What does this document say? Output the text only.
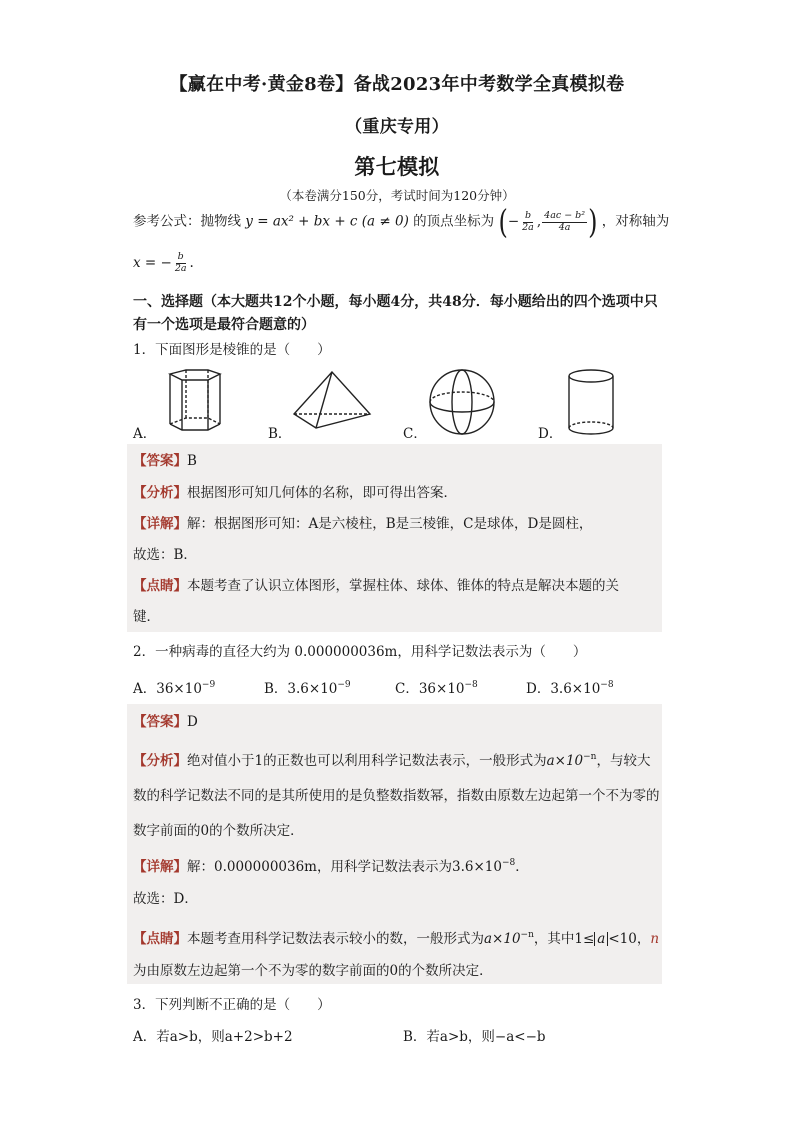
【赢在中考·黄金8卷】备战2023年中考数学全真模拟卷
（重庆专用）
第七模拟
（本卷满分150分，考试时间为120分钟）
参考公式：抛物线 y = ax² + bx + c (a ≠ 0) 的顶点坐标为 (− $\frac{b}{2a}$ , $\frac{\text{4ac − b²}}{4a}$ ) ，对称轴为
x = − $\frac{b}{2a}$ .
一、选择题（本大题共12个小题，每小题4分，共48分．每小题给出的四个选项中只有一个选项是最符合题意的）
1．下面图形是棱锥的是（　　）
A．	B．	C．	D．
【答案】B
【分析】根据图形可知几何体的名称，即可得出答案．
【详解】解：根据图形可知：A是六棱柱，B是三棱锥，C是球体，D是圆柱，
故选：B．
【点睛】本题考查了认识立体图形，掌握柱体、球体、锥体的特点是解决本题的关
键．
2．一种病毒的直径大约为 0.000000036m，用科学记数法表示为（　　）
A．$36\times 10^{-9}$	B．$3.6\times 10^{-9}$	C．$36\times 10^{-8}$	D．$3.6\times 10^{-8}$
【答案】D
【分析】绝对值小于1的正数也可以利用科学记数法表示，一般形式为$a\times 10^{-n}$，与较大数的科学记数法不同的是其所使用的是负整数指数幂，指数由原数左边起第一个不为零的数字前面的0的个数所决定．
【详解】解：0.000000036m，用科学记数法表示为$3.6\times 10^{-8}$．
故选：D．
【点睛】本题考查用科学记数法表示较小的数，一般形式为$a\times 10^{-n}$，其中1≤ a <10，n
为由原数左边起第一个不为零的数字前面的0的个数所决定．
3．下列判断不正确的是（　　）
A．若a>b，则a+2>b+2	B．若a>b，则−a<−b
